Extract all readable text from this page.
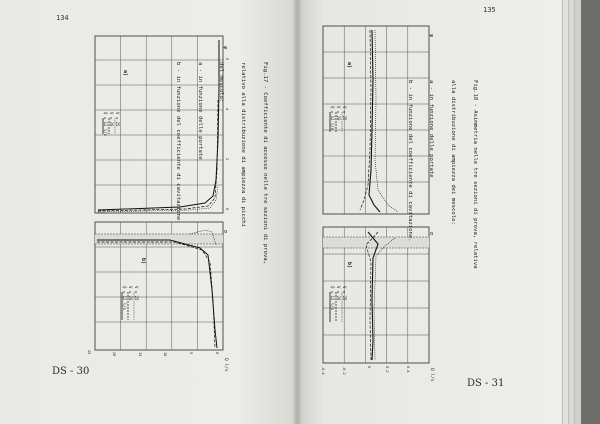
134
135
DS - 30
DS - 31
Q = 12 l/s V = 20 V = 25
a)
ψ
6
4
2
0
Q = 12 l/s V = 20 V = 25
b)
σ
25	20	15	10	5	0
Q l/s
Q = 12 l/s V = 20 V = 25
a)
ψ
Q = 12 l/s V = 20 V = 25
b)
σ
-0.4	-0.2	0	0.2	0.4	Q l/s

Fig.17 - Coefficiente di accesso nelle tre sezioni di prova,

relativo alla distribuzione di ampiezza di picchi

del mescolo:

a - in funzione delle portate

b - in funzione del coefficiente di cavitazione.

	Fig.18 - Asimmetria nelle tre sezioni di prova, relativa

alla distribuzione di ampiezza dei mescolo:

a - in funzione delle portate

b - in funzione del coefficiente di cavitazione.
